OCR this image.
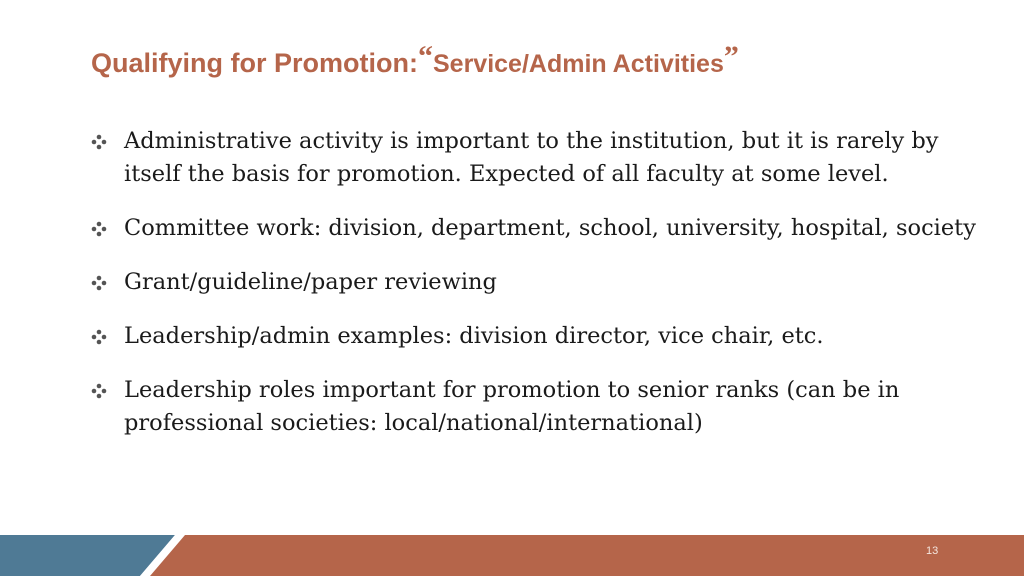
Qualifying for Promotion:“Service/Admin Activities”
Administrative activity is important to the institution, but it is rarely by itself the basis for promotion. Expected of all faculty at some level.
Committee work: division, department, school, university, hospital, society
Grant/guideline/paper reviewing
Leadership/admin examples: division director, vice chair, etc.
Leadership roles important for promotion to senior ranks (can be in professional societies: local/national/international)
13
